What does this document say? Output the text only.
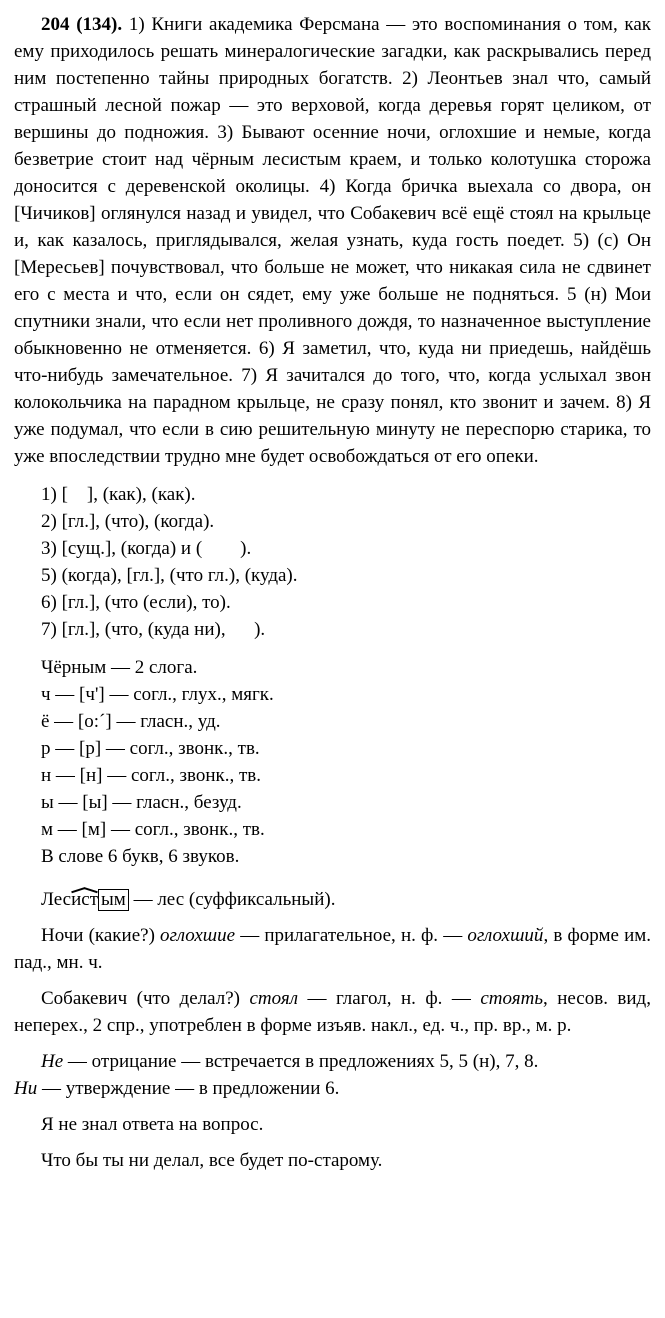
204 (134). 1) Книги академика Ферсмана — это воспоминания о том, как ему приходилось решать минералогические загадки, как раскрывались перед ним постепенно тайны природных богатств. 2) Леонтьев знал что, самый страшный лесной пожар — это верховой, когда деревья горят целиком, от вершины до подножия. 3) Бывают осенние ночи, оглохшие и немые, когда безветрие стоит над чёрным лесистым краем, и только колотушка сторожа доносится с деревенской околицы. 4) Когда бричка выехала со двора, он [Чичиков] оглянулся назад и увидел, что Собакевич всё ещё стоял на крыльце и, как казалось, приглядывался, желая узнать, куда гость поедет. 5) (с) Он [Мересьев] почувствовал, что больше не может, что никакая сила не сдвинет его с места и что, если он сядет, ему уже больше не подняться. 5 (н) Мои спутники знали, что если нет проливного дождя, то назначенное выступление обыкновенно не отменяется. 6) Я заметил, что, куда ни приедешь, найдёшь что-нибудь замечательное. 7) Я зачитался до того, что, когда услыхал звон колокольчика на парадном крыльце, не сразу понял, кто звонит и зачем. 8) Я уже подумал, что если в сию решительную минуту не переспорю старика, то уже впоследствии трудно мне будет освобождаться от его опеки.

1) [    ], (как), (как).

2) [гл.], (что), (когда).

3) [сущ.], (когда) и (        ).

5) (когда), [гл.], (что гл.), (куда).

6) [гл.], (что (если), то).

7) [гл.], (что, (куда ни),      ).

Чёрным — 2 слога.

ч — [ч'] — согл., глух., мягк.

ё — [о:´] — гласн., уд.

р — [р] — согл., звонк., тв.

н — [н] — согл., звонк., тв.

ы — [ы] — гласн., безуд.

м — [м] — согл., звонк., тв.

В слове 6 букв, 6 звуков.

Лесист ым — лес (суффиксальный).

Ночи (какие?) оглохшие — прилагательное, н. ф. — оглохший, в форме им. пад., мн. ч.

Собакевич (что делал?) стоял — глагол, н. ф. — стоять, несов. вид, неперех., 2 спр., употреблен в форме изъяв. накл., ед. ч., пр. вр., м. р.

Не — отрицание — встречается в предложениях 5, 5 (н), 7, 8.

Ни — утверждение — в предложении 6.

Я не знал ответа на вопрос.

Что бы ты ни делал, все будет по-старому.
